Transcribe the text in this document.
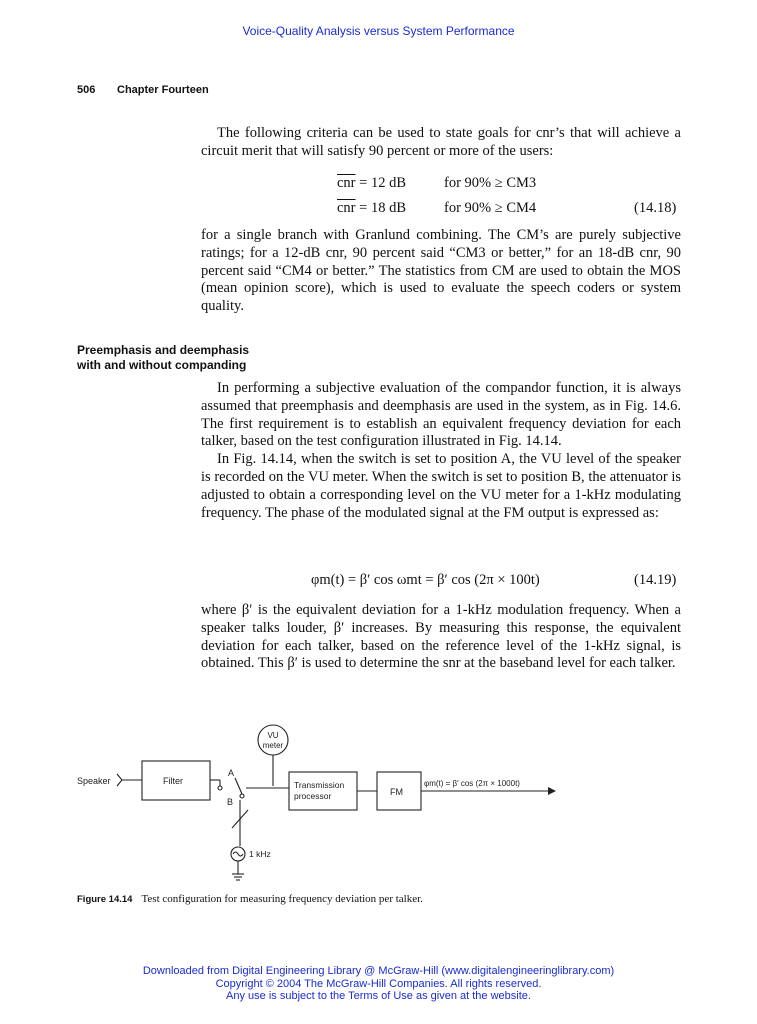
Voice-Quality Analysis versus System Performance
506 Chapter Fourteen

The following criteria can be used to state goals for cnr’s that will achieve a circuit merit that will satisfy 90 percent or more of the users:

$\overline{cnr} = 12$ dB	for 90% ≥ CM3
$\overline{cnr} = 18$ dB	for 90% ≥ CM4	(14.18)

for a single branch with Granlund combining. The CM’s are purely subjective ratings; for a 12-dB cnr, 90 percent said “CM3 or better,” for an 18-dB cnr, 90 percent said “CM4 or better.” The statistics from CM are used to obtain the MOS (mean opinion score), which is used to evaluate the speech coders or system quality.

Preemphasis and deemphasis
with and without companding

In performing a subjective evaluation of the compandor function, it is always assumed that preemphasis and deemphasis are used in the system, as in Fig. 14.6. The first requirement is to establish an equivalent frequency deviation for each talker, based on the test configuration illustrated in Fig. 14.14.

In Fig. 14.14, when the switch is set to position A, the VU level of the speaker is recorded on the VU meter. When the switch is set to position B, the attenuator is adjusted to obtain a corresponding level on the VU meter for a 1-kHz modulating frequency. The phase of the modulated signal at the FM output is expressed as:

φm(t) = β′ cos ωmt = β′ cos (2π × 100t)	(14.19)

where β′ is the equivalent deviation for a 1-kHz modulation frequency. When a speaker talks louder, β′ increases. By measuring this response, the equivalent deviation for each talker, based on the reference level of the 1-kHz signal, is obtained. This β′ is used to determine the snr at the baseband level for each talker.

Speaker	Filter
VU
meter
A
B
Transmission
processor	FM
φm(t) = β′ cos (2π × 1000t)
1 kHz
Figure 14.14 Test configuration for measuring frequency deviation per talker.
Downloaded from Digital Engineering Library @ McGraw-Hill (www.digitalengineeringlibrary.com)
Copyright © 2004 The McGraw-Hill Companies. All rights reserved.
Any use is subject to the Terms of Use as given at the website.
